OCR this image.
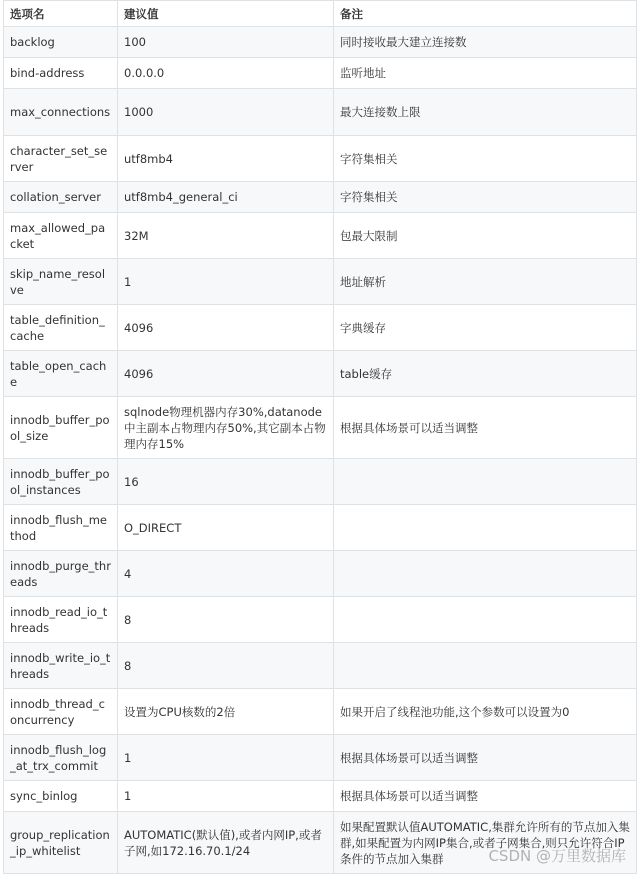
选项名	建议值	备注
backlog	100	同时接收最大建立连接数
bind-address	0.0.0.0	监听地址
max_connections	1000	最大连接数上限
character_set_server	utf8mb4	字符集相关
collation_server	utf8mb4_general_ci	字符集相关
max_allowed_packet	32M	包最大限制
skip_name_resolve	1	地址解析
table_definition_cache	4096	字典缓存
table_open_cache	4096	table缓存
innodb_buffer_pool_size	sqlnode物理机器内存30%,datanode中主副本占物理内存50%,其它副本占物理内存15%	根据具体场景可以适当调整
innodb_buffer_pool_instances	16	
innodb_flush_method	O_DIRECT	
innodb_purge_threads	4	
innodb_read_io_threads	8	
innodb_write_io_threads	8	
innodb_thread_concurrency	设置为CPU核数的2倍	如果开启了线程池功能,这个参数可以设置为0
innodb_flush_log_at_trx_commit	1	根据具体场景可以适当调整
sync_binlog	1	根据具体场景可以适当调整
group_replication_ip_whitelist	AUTOMATIC(默认值),或者内网IP,或者子网,如172.16.70.1/24	如果配置默认值AUTOMATIC,集群允许所有的节点加入集群,如果配置为内网IP集合,或者子网集合,则只允许符合IP条件的节点加入集群	CSDN @万里数据库
